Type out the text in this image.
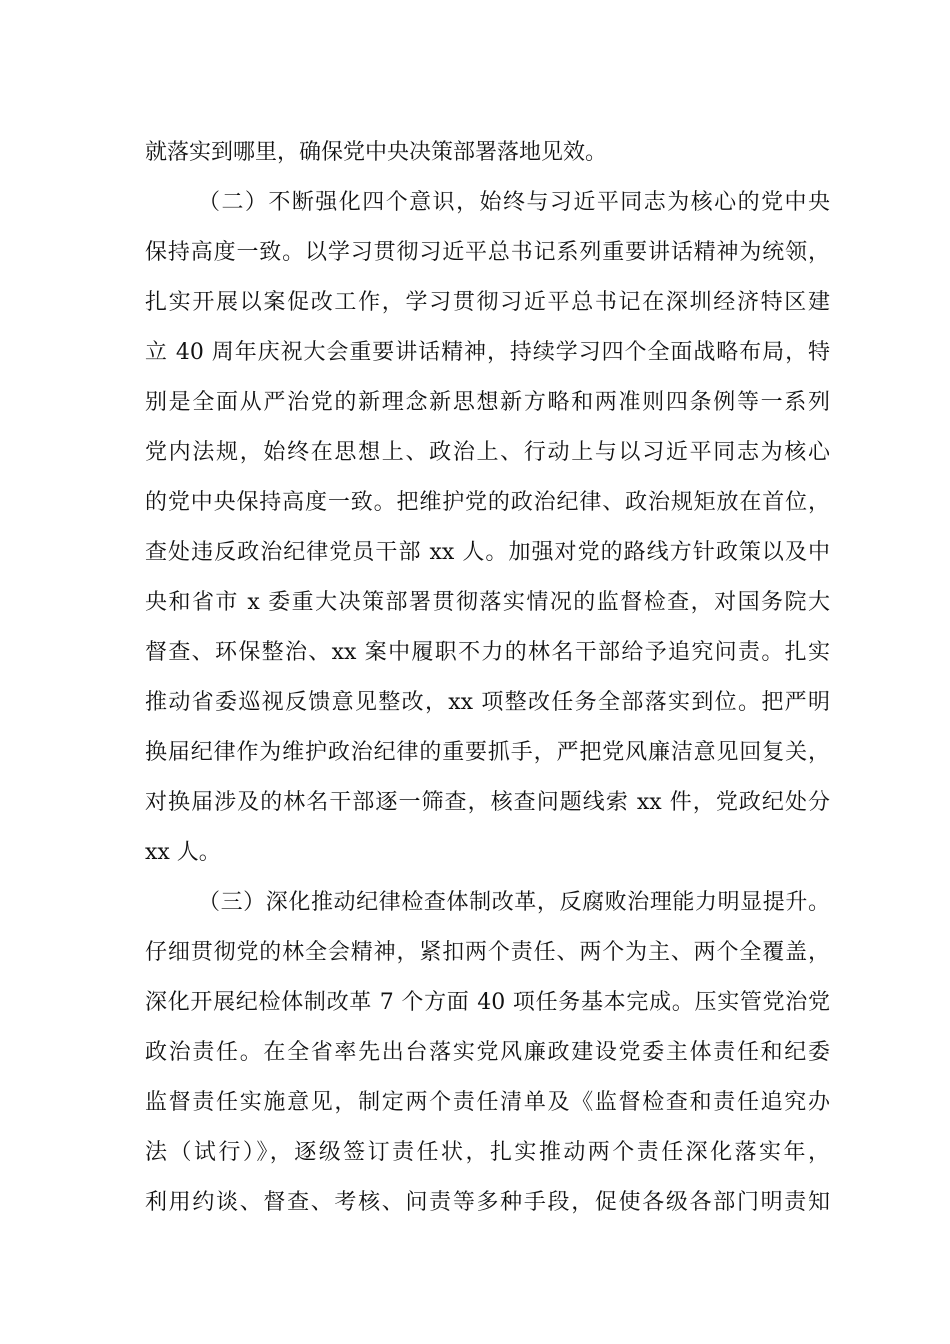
就落实到哪里，确保党中央决策部署落地见效。
（二）不断强化四个意识，始终与习近平同志为核心的党中央
保持高度一致。以学习贯彻习近平总书记系列重要讲话精神为统领，
扎实开展以案促改工作，学习贯彻习近平总书记在深圳经济特区建
立 40 周年庆祝大会重要讲话精神，持续学习四个全面战略布局，特
别是全面从严治党的新理念新思想新方略和两准则四条例等一系列
党内法规，始终在思想上、政治上、行动上与以习近平同志为核心
的党中央保持高度一致。把维护党的政治纪律、政治规矩放在首位，
查处违反政治纪律党员干部 xx 人。加强对党的路线方针政策以及中
央和省市 x 委重大决策部署贯彻落实情况的监督检查，对国务院大
督查、环保整治、xx 案中履职不力的林名干部给予追究问责。扎实
推动省委巡视反馈意见整改，xx 项整改任务全部落实到位。把严明
换届纪律作为维护政治纪律的重要抓手，严把党风廉洁意见回复关，
对换届涉及的林名干部逐一筛查，核查问题线索 xx 件，党政纪处分
xx 人。
（三）深化推动纪律检查体制改革，反腐败治理能力明显提升。
仔细贯彻党的林全会精神，紧扣两个责任、两个为主、两个全覆盖，
深化开展纪检体制改革 7 个方面 40 项任务基本完成。压实管党治党
政治责任。在全省率先出台落实党风廉政建设党委主体责任和纪委
监督责任实施意见，制定两个责任清单及《监督检查和责任追究办
法（试行）》，逐级签订责任状，扎实推动两个责任深化落实年，
利用约谈、督查、考核、问责等多种手段，促使各级各部门明责知
